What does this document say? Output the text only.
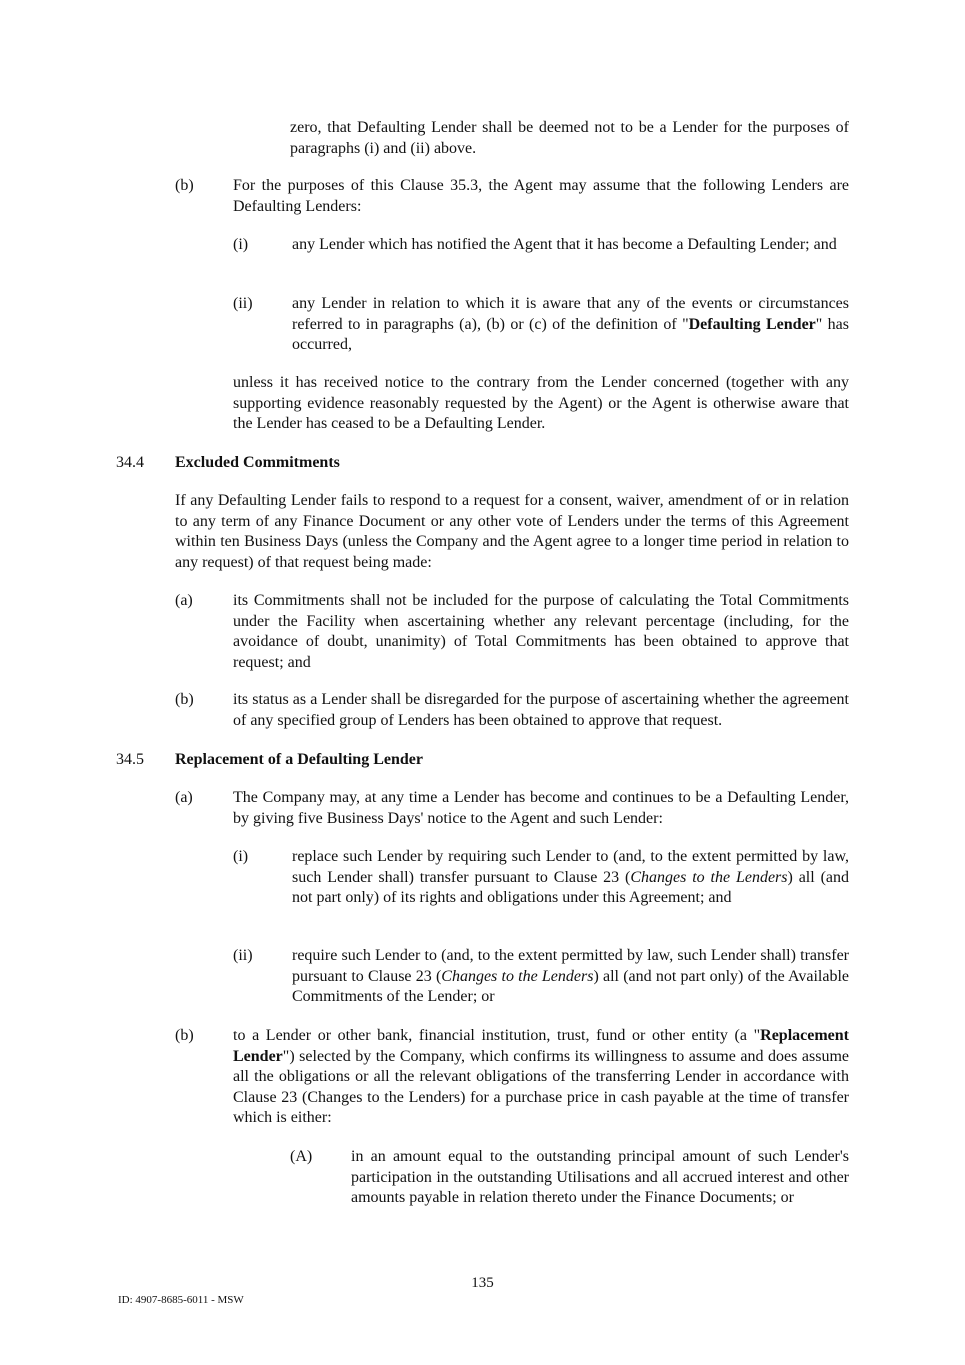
zero, that Defaulting Lender shall be deemed not to be a Lender for the purposes of paragraphs (i) and (ii) above.

(b) For the purposes of this Clause 35.3, the Agent may assume that the following Lenders are Defaulting Lenders:

(i)	any Lender which has notified the Agent that it has become a Defaulting Lender; and

(ii) any Lender in relation to which it is aware that any of the events or circumstances referred to in paragraphs (a), (b) or (c) of the definition of "Defaulting Lender" has occurred,

unless it has received notice to the contrary from the Lender concerned (together with any supporting evidence reasonably requested by the Agent) or the Agent is otherwise aware that the Lender has ceased to be a Defaulting Lender.

34.4 Excluded Commitments

If any Defaulting Lender fails to respond to a request for a consent, waiver, amendment of or in relation to any term of any Finance Document or any other vote of Lenders under the terms of this Agreement within ten Business Days (unless the Company and the Agent agree to a longer time period in relation to any request) of that request being made:

(a)	its Commitments shall not be included for the purpose of calculating the Total Commitments under the Facility when ascertaining whether any relevant percentage (including, for the avoidance of doubt, unanimity) of Total Commitments has been obtained to approve that request; and

(b) its status as a Lender shall be disregarded for the purpose of ascertaining whether the agreement of any specified group of Lenders has been obtained to approve that request.

34.5 Replacement of a Defaulting Lender
(a)	The Company may, at any time a Lender has become and continues to be a Defaulting Lender, by giving five Business Days' notice to the Agent and such Lender:

(i)	replace such Lender by requiring such Lender to (and, to the extent permitted by law, such Lender shall) transfer pursuant to Clause 23 (Changes to the Lenders) all (and not part only) of its rights and obligations under this Agreement; and

(ii) require such Lender to (and, to the extent permitted by law, such Lender shall) transfer pursuant to Clause 23 (Changes to the Lenders) all (and not part only) of the Available Commitments of the Lender; or

(b) to a Lender or other bank, financial institution, trust, fund or other entity (a "Replacement Lender") selected by the Company, which confirms its willingness to assume and does assume all the obligations or all the relevant obligations of the transferring Lender in accordance with Clause 23 (Changes to the Lenders) for a purchase price in cash payable at the time of transfer which is either:

(A) in an amount equal to the outstanding principal amount of such Lender's participation in the outstanding Utilisations and all accrued interest and other amounts payable in relation thereto under the Finance Documents; or

135
ID: 4907-8685-6011 - MSW
